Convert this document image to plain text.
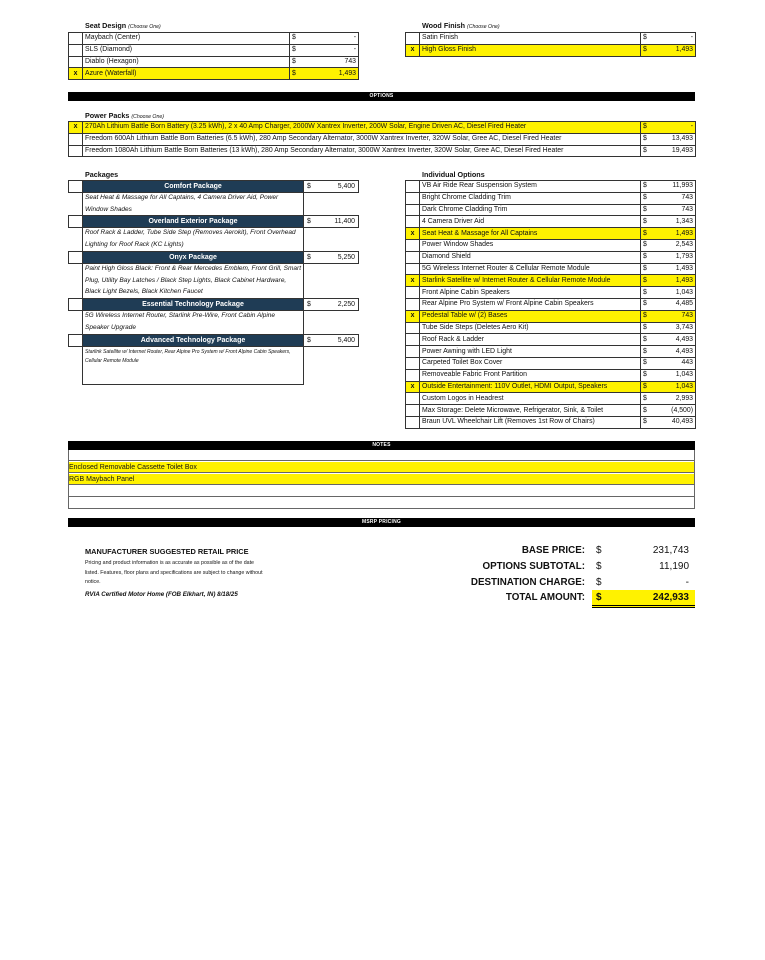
Seat Design (Choose One)
	Maybach (Center)	$	-
	SLS (Diamond)	$	-
	Diablo (Hexagon)	$	743
x	Azure (Waterfall)	$	1,493
Wood Finish (Choose One)
	Satin Finish	$	-
x	High Gloss Finish	$	1,493
OPTIONS
Power Packs (Choose One)
x	270Ah Lithium Battle Born Battery (3.25 kWh), 2 x 40 Amp Charger, 2000W Xantrex Inverter, 200W Solar, Engine Driven AC, Diesel Fired Heater	$	-
	Freedom 600Ah Lithium Battle Born Batteries (6.5 kWh), 280 Amp Secondary Alternator, 3000W Xantrex Inverter, 320W Solar, Gree AC, Diesel Fired Heater	$	13,493
	Freedom 1080Ah Lithium Battle Born Batteries (13 kWh), 280 Amp Secondary Alternator, 3000W Xantrex Inverter, 320W Solar, Gree AC, Diesel Fired Heater	$	19,493
Packages
Comfort Package	$	5,400
Seat Heat & Massage for All Captains, 4 Camera Driver Aid, Power Window Shades
Overland Exterior Package	$	11,400
Roof Rack & Ladder, Tube Side Step (Removes Aerokit), Front Overhead Lighting for Roof Rack (KC Lights)
Onyx Package	$	5,250
Paint High Gloss Black: Front & Rear Mercedes Emblem, Front Grill, Smart Plug, Utility Bay Latches / Black Step Lights, Black Cabinet Hardware, Black Light Bezels, Black Kitchen Faucet
Essential Technology Package	$	2,250
5G Wireless Internet Router, Starlink Pre-Wire, Front Cabin Alpine Speaker Upgrade
Advanced Technology Package	$	5,400
Starlink Satellite w/ Internet Router, Rear Alpine Pro System w/ Front Alpine Cabin Speakers, Cellular Remote Module
Individual Options
	VB Air Ride Rear Suspension System	$	11,993
	Bright Chrome Cladding Trim	$	743
	Dark Chrome Cladding Trim	$	743
	4 Camera Driver Aid	$	1,343
x	Seat Heat & Massage for All Captains	$	1,493
	Power Window Shades	$	2,543
	Diamond Shield	$	1,793
	5G Wireless Internet Router & Cellular Remote Module	$	1,493
x	Starlink Satellite w/ Internet Router & Cellular Remote Module	$	1,493
	Front Alpine Cabin Speakers	$	1,043
	Rear Alpine Pro System w/ Front Alpine Cabin Speakers	$	4,485
x	Pedestal Table w/ (2) Bases	$	743
	Tube Side Steps (Deletes Aero Kit)	$	3,743
	Roof Rack & Ladder	$	4,493
	Power Awning with LED Light	$	4,493
	Carpeted Toilet Box Cover	$	443
	Removeable Fabric Front Partition	$	1,043
x	Outside Entertainment: 110V Outlet, HDMI Output, Speakers	$	1,043
	Custom Logos in Headrest	$	2,993
	Max Storage: Delete Microwave, Refrigerator, Sink, & Toilet	$	(4,500)
	Braun UVL Wheelchair Lift (Removes 1st Row of Chairs)	$	40,493
NOTES
Enclosed Removable Cassette Toilet Box
RGB Maybach Panel
MSRP PRICING
MANUFACTURER SUGGESTED RETAIL PRICE
Pricing and product information is as accurate as possible as of the date
listed. Features, floor plans and specifications are subject to change without
notice.
RVIA Certified Motor Home (FOB Elkhart, IN) 8/18/25
BASE PRICE: $	231,743
OPTIONS SUBTOTAL: $	11,190
DESTINATION CHARGE: $	-
TOTAL AMOUNT: $	242,933
